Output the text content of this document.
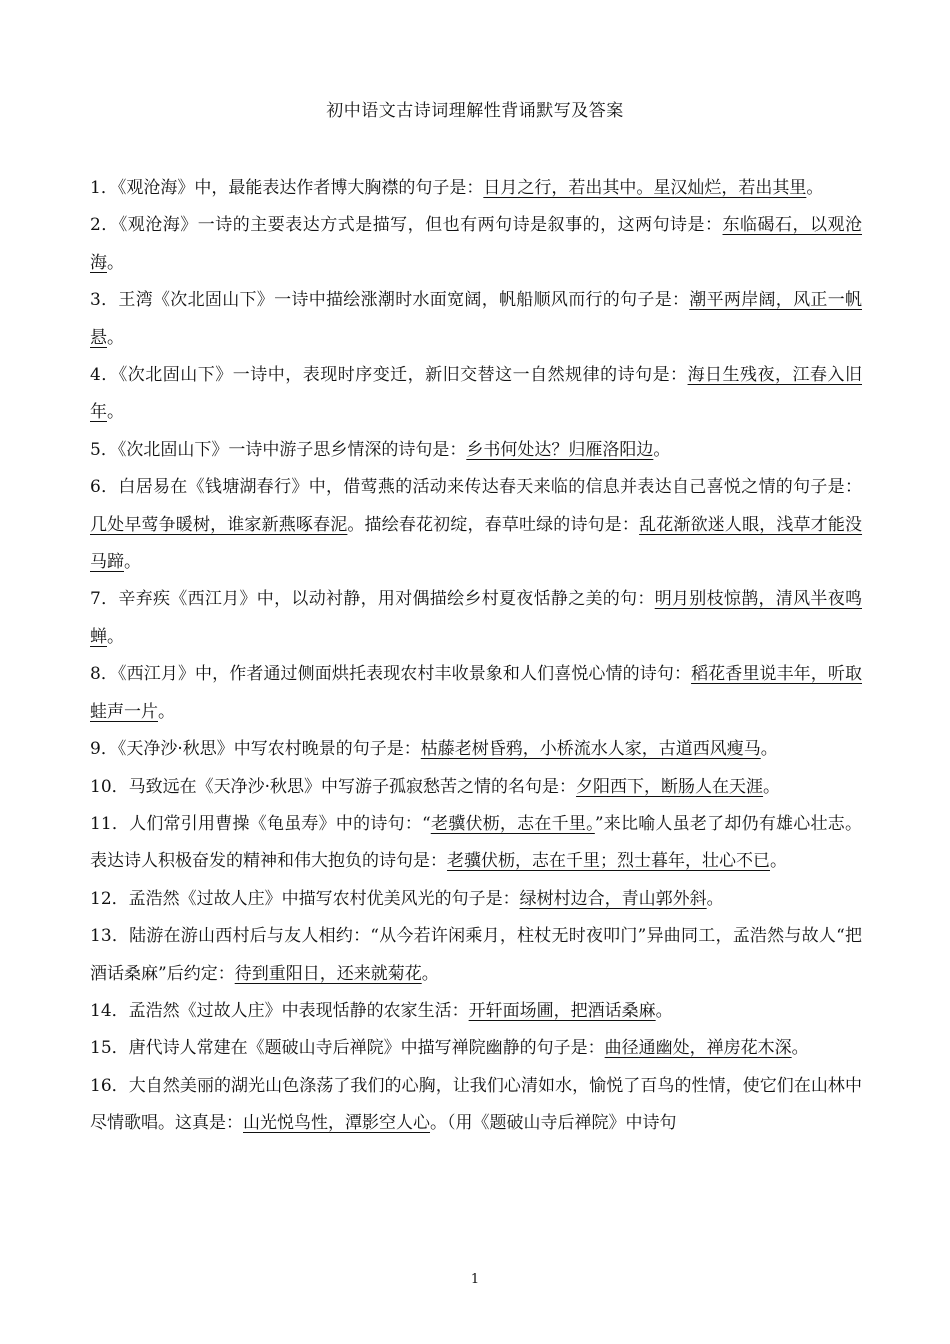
初中语文古诗词理解性背诵默写及答案

1．《观沧海》中，最能表达作者博大胸襟的句子是：日月之行，若出其中。星汉灿烂，若出其里。

2．《观沧海》一诗的主要表达方式是描写，但也有两句诗是叙事的，这两句诗是：东临碣石，以观沧海。

3．王湾《次北固山下》一诗中描绘涨潮时水面宽阔，帆船顺风而行的句子是：潮平两岸阔，风正一帆悬。

4．《次北固山下》一诗中，表现时序变迁，新旧交替这一自然规律的诗句是：海日生残夜，江春入旧年。

5．《次北固山下》一诗中游子思乡情深的诗句是：乡书何处达？归雁洛阳边。

6．白居易在《钱塘湖春行》中，借莺燕的活动来传达春天来临的信息并表达自己喜悦之情的句子是：几处早莺争暖树，谁家新燕啄春泥。描绘春花初绽，春草吐绿的诗句是：乱花渐欲迷人眼，浅草才能没马蹄。

7．辛弃疾《西江月》中，以动衬静，用对偶描绘乡村夏夜恬静之美的句：明月别枝惊鹊，清风半夜鸣蝉。

8．《西江月》中，作者通过侧面烘托表现农村丰收景象和人们喜悦心情的诗句：稻花香里说丰年，听取蛙声一片。

9．《天净沙·秋思》中写农村晚景的句子是：枯藤老树昏鸦，小桥流水人家，古道西风瘦马。

10．马致远在《天净沙·秋思》中写游子孤寂愁苦之情的名句是：夕阳西下，断肠人在天涯。

11．人们常引用曹操《龟虽寿》中的诗句：“老骥伏枥，志在千里。”来比喻人虽老了却仍有雄心壮志。表达诗人积极奋发的精神和伟大抱负的诗句是：老骥伏枥，志在千里；烈士暮年，壮心不已。

12．孟浩然《过故人庄》中描写农村优美风光的句子是：绿树村边合，青山郭外斜。

13．陆游在游山西村后与友人相约：“从今若许闲乘月，柱杖无时夜叩门”异曲同工，孟浩然与故人“把酒话桑麻”后约定：待到重阳日，还来就菊花。

14．孟浩然《过故人庄》中表现恬静的农家生活：开轩面场圃，把酒话桑麻。

15．唐代诗人常建在《题破山寺后禅院》中描写禅院幽静的句子是：曲径通幽处，禅房花木深。

16．大自然美丽的湖光山色涤荡了我们的心胸，让我们心清如水，愉悦了百鸟的性情，使它们在山林中尽情歌唱。这真是：山光悦鸟性，潭影空人心。（用《题破山寺后禅院》中诗句

1
